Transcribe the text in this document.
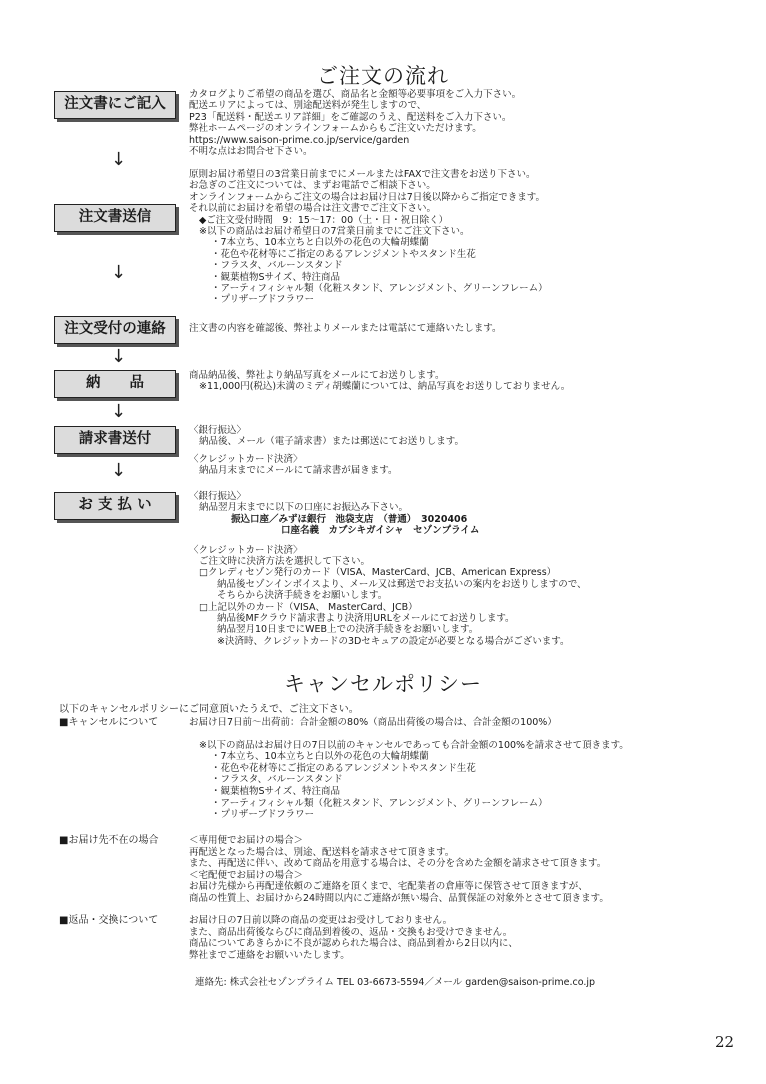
ご注文の流れ
注文書にご記入
カタログよりご希望の商品を選び、商品名と金額等必要事項をご入力下さい。
配送エリアによっては、別途配送料が発生しますので、
P23「配送料・配送エリア詳細」をご確認のうえ、配送料をご入力下さい。
弊社ホームページのオンラインフォームからもご注文いただけます。
https://www.saison-prime.co.jp/service/garden
不明な点はお問合せ下さい。
↓
注文書送信
原則お届け希望日の3営業日前までにメールまたはFAXで注文書をお送り下さい。
お急ぎのご注文については、まずお電話でご相談下さい。
オンラインフォームからご注文の場合はお届け日は7日後以降からご指定できます。
それ以前にお届けを希望の場合は注文書でご注文下さい。
◆ご注文受付時間　9：15〜17：00（土・日・祝日除く）
※以下の商品はお届け希望日の7営業日前までにご注文下さい。
・7本立ち、10本立ちと白以外の花色の大輪胡蝶蘭
・花色や花材等にご指定のあるアレンジメントやスタンド生花
・フラスタ、バルーンスタンド
・観葉植物Sサイズ、特注商品
・アーティフィシャル類（化粧スタンド、アレンジメント、グリーンフレーム）
・プリザーブドフラワー
↓
注文受付の連絡	注文書の内容を確認後、弊社よりメールまたは電話にて連絡いたします。
↓
納　　品	商品納品後、弊社より納品写真をメールにてお送りします。
※11,000円(税込)未満のミディ胡蝶蘭については、納品写真をお送りしておりません。
↓
請求書送付
〈銀行振込〉
納品後、メール（電子請求書）または郵送にてお送りします。
〈クレジットカード決済〉
納品月末までにメールにて請求書が届きます。
↓
お 支 払 い
〈銀行振込〉
納品翌月末までに以下の口座にお振込み下さい。
振込口座／みずほ銀行　池袋支店　（普通）　3020406
口座名義　カブシキガイシャ　セゾンプライム
〈クレジットカード決済〉
ご注文時に決済方法を選択して下さい。
□クレディセゾン発行のカード（VISA、MasterCard、JCB、American Express）
納品後セゾンインボイスより、メール又は郵送でお支払いの案内をお送りしますので、
そちらから決済手続きをお願いします。
□上記以外のカード（VISA、 MasterCard、JCB）
納品後MFクラウド請求書より決済用URLをメールにてお送りします。
納品翌月10日までにWEB上での決済手続きをお願いします。
※決済時、クレジットカードの3Dセキュアの設定が必要となる場合がございます。
キャンセルポリシー
以下のキャンセルポリシーにご同意頂いたうえで、ご注文下さい。
■キャンセルについて	お届け日7日前〜出荷前：合計金額の80%（商品出荷後の場合は、合計金額の100%）
※以下の商品はお届け日の7日以前のキャンセルであっても合計金額の100%を請求させて頂きます。
・7本立ち、10本立ちと白以外の花色の大輪胡蝶蘭
・花色や花材等にご指定のあるアレンジメントやスタンド生花
・フラスタ、バルーンスタンド
・観葉植物Sサイズ、特注商品
・アーティフィシャル類（化粧スタンド、アレンジメント、グリーンフレーム）
・プリザーブドフラワー
■お届け先不在の場合	＜専用便でお届けの場合＞
再配送となった場合は、別途、配送料を請求させて頂きます。
また、再配送に伴い、改めて商品を用意する場合は、その分を含めた金額を請求させて頂きます。
＜宅配便でお届けの場合＞
お届け先様から再配達依頼のご連絡を頂くまで、宅配業者の倉庫等に保管させて頂きますが、
商品の性質上、お届けから24時間以内にご連絡が無い場合、品質保証の対象外とさせて頂きます。
■返品・交換について	お届け日の7日前以降の商品の変更はお受けしておりません。
また、商品出荷後ならびに商品到着後の、返品・交換もお受けできません。
商品についてあきらかに不良が認められた場合は、商品到着から2日以内に、
弊社までご連絡をお願いいたします。
連絡先: 株式会社セゾンプライム TEL 03-6673-5594／メール garden@saison-prime.co.jp
22
